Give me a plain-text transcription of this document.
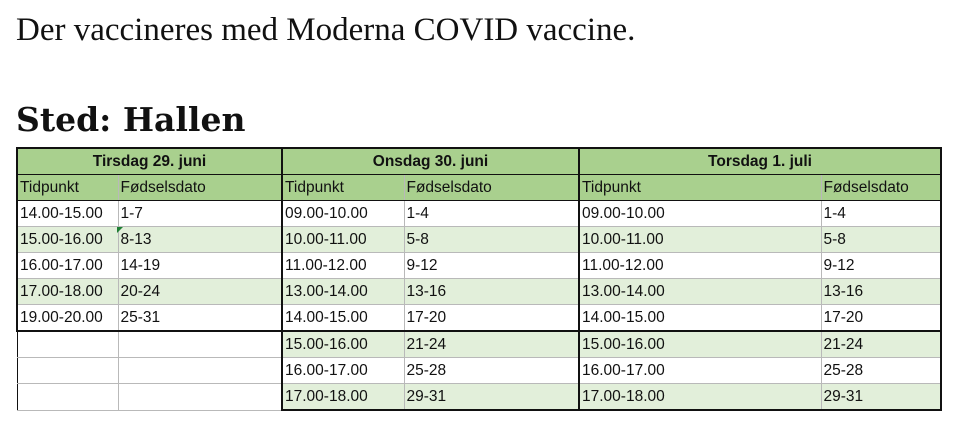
Der vaccineres med Moderna COVID vaccine.
Sted: Hallen
Tirsdag 29. juni		Onsdag 30. juni		Torsdag 1. juli	
Tidpunkt	Fødselsdato	Tidpunkt	Fødselsdato	Tidpunkt	Fødselsdato
14.00-15.00	1-7	09.00-10.00	1-4	09.00-10.00	1-4
15.00-16.00	8-13	10.00-11.00	5-8	10.00-11.00	5-8
16.00-17.00	14-19	11.00-12.00	9-12	11.00-12.00	9-12
17.00-18.00	20-24	13.00-14.00	13-16	13.00-14.00	13-16
19.00-20.00	25-31	14.00-15.00	17-20	14.00-15.00	17-20
		15.00-16.00	21-24	15.00-16.00	21-24
		16.00-17.00	25-28	16.00-17.00	25-28
		17.00-18.00	29-31	17.00-18.00	29-31
